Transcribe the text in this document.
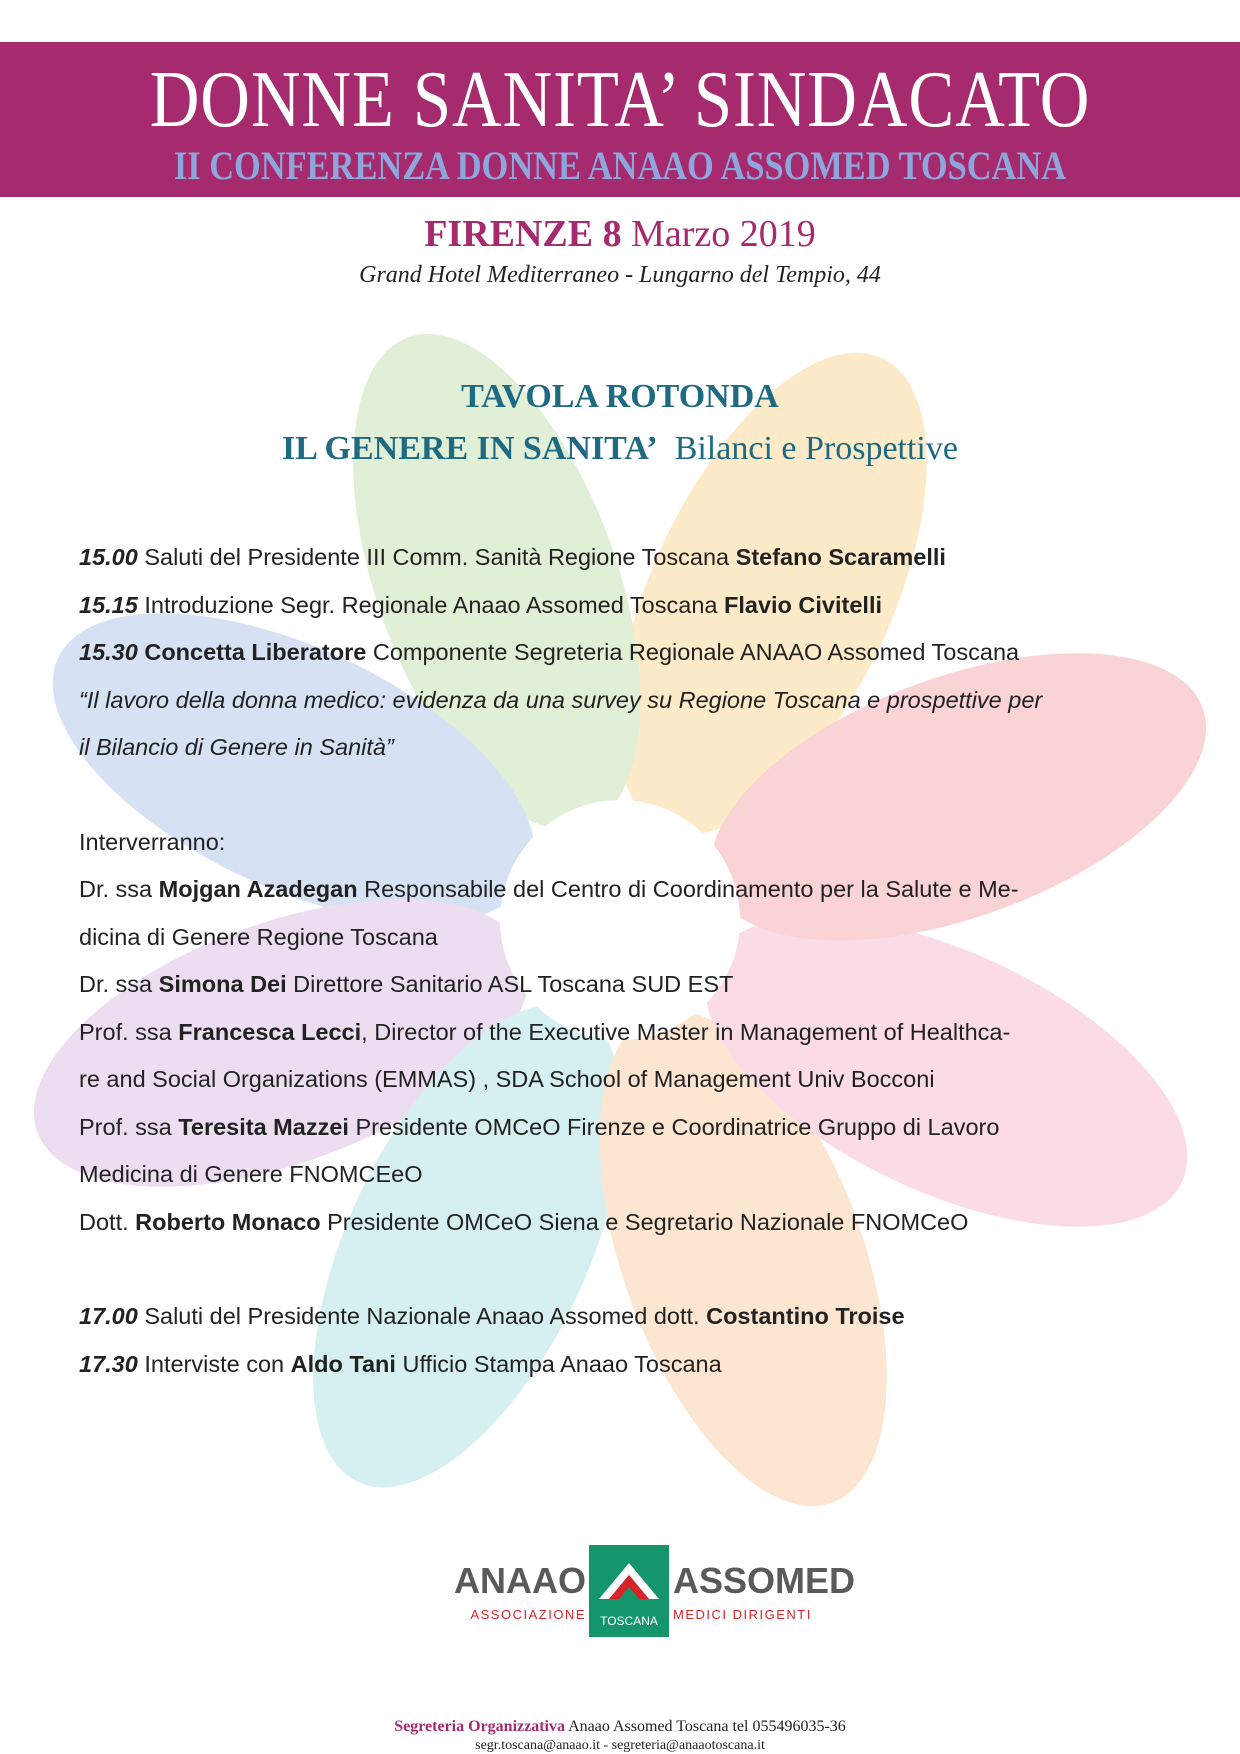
DONNE SANITA’ SINDACATO
II CONFERENZA DONNE ANAAO ASSOMED TOSCANA
FIRENZE 8 Marzo 2019
Grand Hotel Mediterraneo - Lungarno del Tempio, 44
TAVOLA ROTONDA
IL GENERE IN SANITA’ Bilanci e Prospettive

15.00 Saluti del Presidente III Comm. Sanità Regione Toscana Stefano Scaramelli

15.15 Introduzione Segr. Regionale Anaao Assomed Toscana Flavio Civitelli

15.30 Concetta Liberatore Componente Segreteria Regionale ANAAO Assomed Toscana

“Il lavoro della donna medico: evidenza da una survey su Regione Toscana e prospettive per

il Bilancio di Genere in Sanità”

Interverranno:

Dr. ssa Mojgan Azadegan Responsabile del Centro di Coordinamento per la Salute e Me-

dicina di Genere Regione Toscana

Dr. ssa Simona Dei Direttore Sanitario ASL Toscana SUD EST

Prof. ssa Francesca Lecci, Director of the Executive Master in Management of Healthca-

re and Social Organizations (EMMAS) , SDA School of Management Univ Bocconi

Prof. ssa Teresita Mazzei Presidente OMCeO Firenze e Coordinatrice Gruppo di Lavoro

Medicina di Genere FNOMCEeO

Dott. Roberto Monaco Presidente OMCeO Siena e Segretario Nazionale FNOMCeO

17.00 Saluti del Presidente Nazionale Anaao Assomed dott. Costantino Troise

17.30 Interviste con Aldo Tani Ufficio Stampa Anaao Toscana

ANAAO ASSOMED
ASSOCIAZIONE TOSCANA MEDICI DIRIGENTI
Segreteria Organizzativa Anaao Assomed Toscana tel 055496035-36
segr.toscana@anaao.it - segreteria@anaaotoscana.it
